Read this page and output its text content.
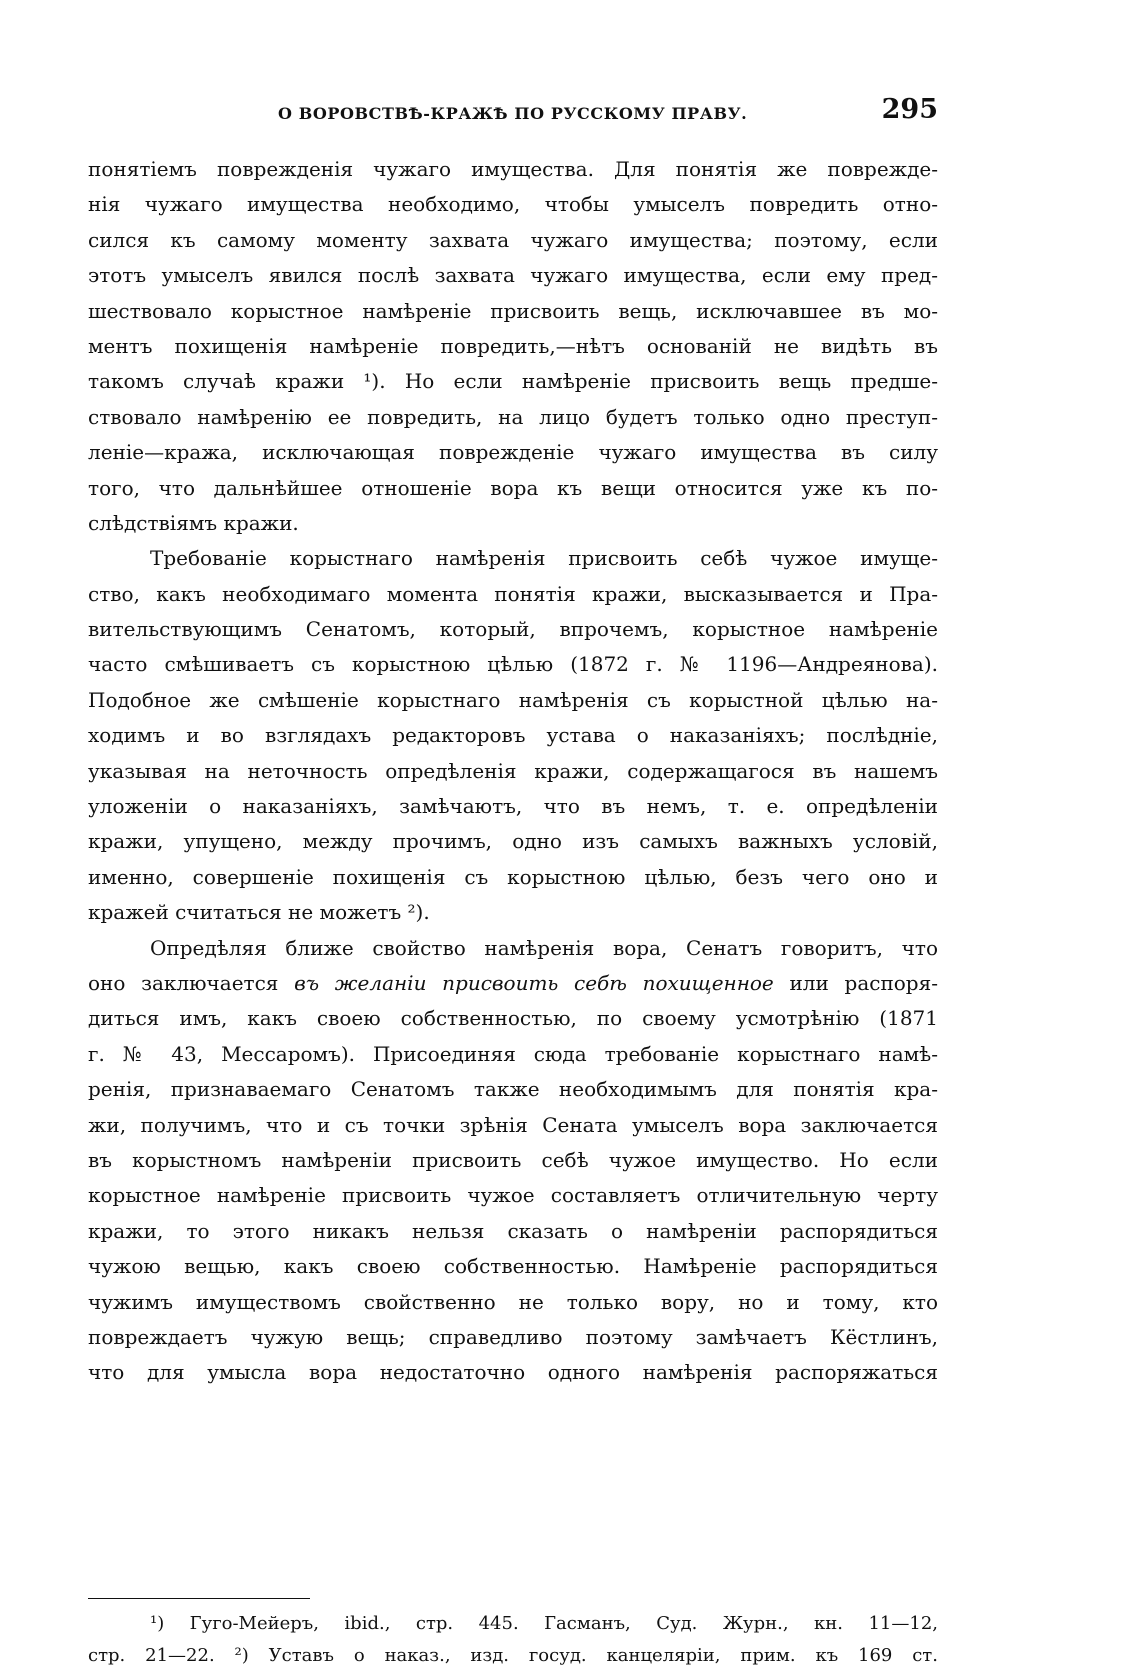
О ВОРОВСТВѢ-КРАЖѢ ПО РУССКОМУ ПРАВУ.	295
понятіемъ поврежденія чужаго имущества. Для понятія же поврежде-
нія чужаго имущества необходимо, чтобы умыселъ повредить отно-
сился къ самому моменту захвата чужаго имущества; поэтому, если
этотъ умыселъ явился послѣ захвата чужаго имущества, если ему пред-
шествовало корыстное намѣреніе присвоить вещь, исключавшее въ мо-
ментъ похищенія намѣреніе повредить,—нѣтъ основаній не видѣть въ
такомъ случаѣ кражи ¹). Но если намѣреніе присвоить вещь предше-
ствовало намѣренію ее повредить, на лицо будетъ только одно преступ-
леніе—кража, исключающая поврежденіе чужаго имущества въ силу
того, что дальнѣйшее отношеніе вора къ вещи относится уже къ по-
слѣдствіямъ кражи.
Требованіе корыстнаго намѣренія присвоить себѣ чужое имуще-
ство, какъ необходимаго момента понятія кражи, высказывается и Пра-
вительствующимъ Сенатомъ, который, впрочемъ, корыстное намѣреніе
часто смѣшиваетъ съ корыстною цѣлью (1872 г. № 1196—Андреянова).
Подобное же смѣшеніе корыстнаго намѣренія съ корыстной цѣлью на-
ходимъ и во взглядахъ редакторовъ устава о наказаніяхъ; послѣдніе,
указывая на неточность опредѣленія кражи, содержащагося въ нашемъ
уложеніи о наказаніяхъ, замѣчаютъ, что въ немъ, т. е. опредѣленіи
кражи, упущено, между прочимъ, одно изъ самыхъ важныхъ условій,
именно, совершеніе похищенія съ корыстною цѣлью, безъ чего оно и
кражей считаться не можетъ ²).
Опредѣляя ближе свойство намѣренія вора, Сенатъ говоритъ, что
оно заключается въ желаніи присвоить себѣ похищенное или распоря-
диться имъ, какъ своею собственностью, по своему усмотрѣнію (1871
г. № 43, Мессаромъ). Присоединяя сюда требованіе корыстнаго намѣ-
ренія, признаваемаго Сенатомъ также необходимымъ для понятія кра-
жи, получимъ, что и съ точки зрѣнія Сената умыселъ вора заключается
въ корыстномъ намѣреніи присвоить себѣ чужое имущество. Но если
корыстное намѣреніе присвоить чужое составляетъ отличительную черту
кражи, то этого никакъ нельзя сказать о намѣреніи распорядиться
чужою вещью, какъ своею собственностью. Намѣреніе распорядиться
чужимъ имуществомъ свойственно не только вору, но и тому, кто
повреждаетъ чужую вещь; справедливо поэтому замѣчаетъ Кёстлинъ,
что для умысла вора недостаточно одного намѣренія распоряжаться
¹) Гуго-Мейеръ, ibid., стр. 445. Гасманъ, Суд. Журн., кн. 11—12,
стр. 21—22. ²) Уставъ о наказ., изд. госуд. канцеляріи, прим. къ 169 ст.
